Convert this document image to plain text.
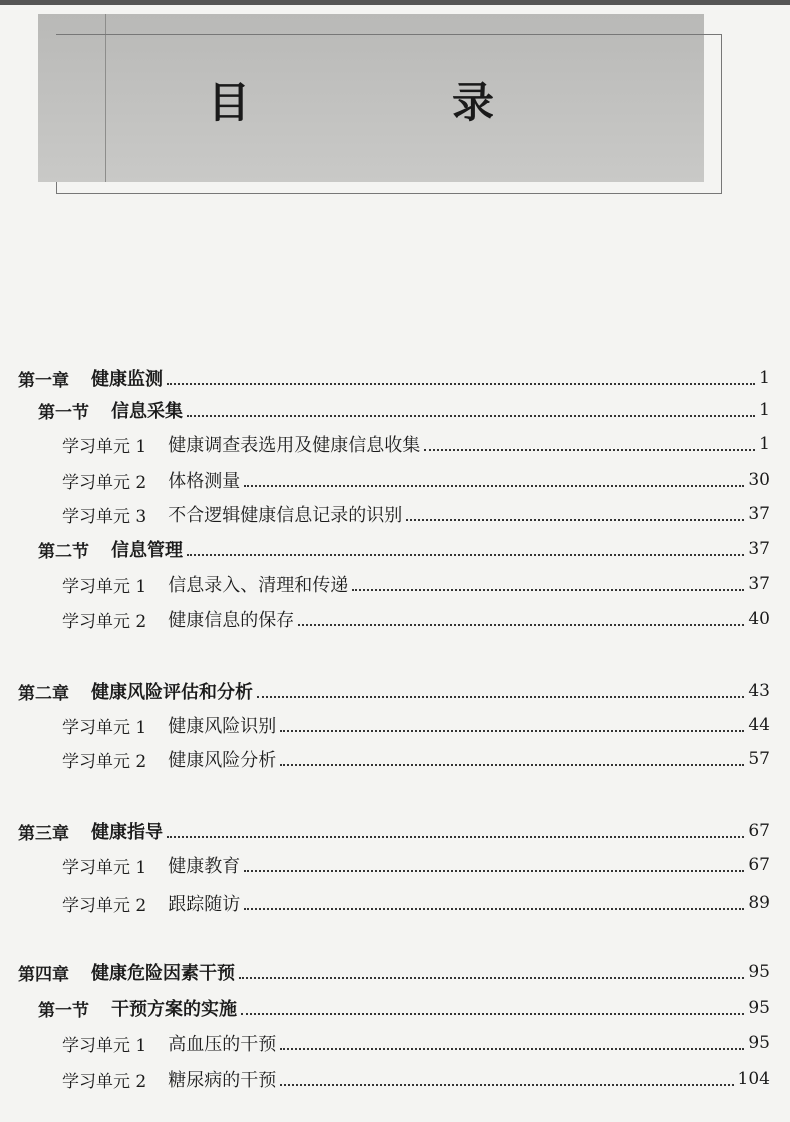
目　录
第一章 健康监测	1
第一节 信息采集	1
学习单元 1 健康调查表选用及健康信息收集	1
学习单元 2 体格测量	30
学习单元 3 不合逻辑健康信息记录的识别	37
第二节 信息管理	37
学习单元 1 信息录入、清理和传递	37
学习单元 2 健康信息的保存	40
第二章 健康风险评估和分析	43
学习单元 1 健康风险识别	44
学习单元 2 健康风险分析	57
第三章 健康指导	67
学习单元 1 健康教育	67
学习单元 2 跟踪随访	89
第四章 健康危险因素干预	95
第一节 干预方案的实施	95
学习单元 1 高血压的干预	95
学习单元 2 糖尿病的干预	104
